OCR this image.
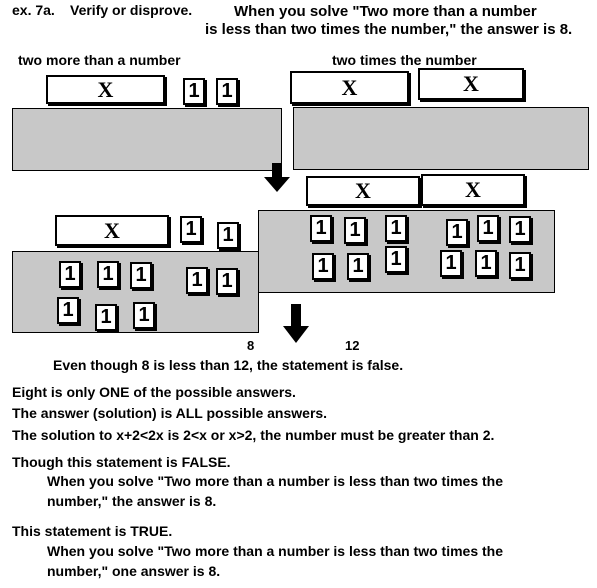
ex. 7a. Verify or disprove.	When you solve "Two more than a number
is less than two times the number," the answer is 8.
two more than a number	two times the number
X	1 1	X	X
X	X
X	1 1
1 1 1 1 1
1 1 1
1 1 1 1 1 1
1 1 1 1 1 1
8	12
Even though 8 is less than 12, the statement is false.
Eight is only ONE of the possible answers.
The answer (solution) is ALL possible answers.
The solution to x+2<2x is 2<x or x>2, the number must be greater than 2.
Though this statement is FALSE.
When you solve "Two more than a number is less than two times the
number," the answer is 8.
This statement is TRUE.
When you solve "Two more than a number is less than two times the
number," one answer is 8.
